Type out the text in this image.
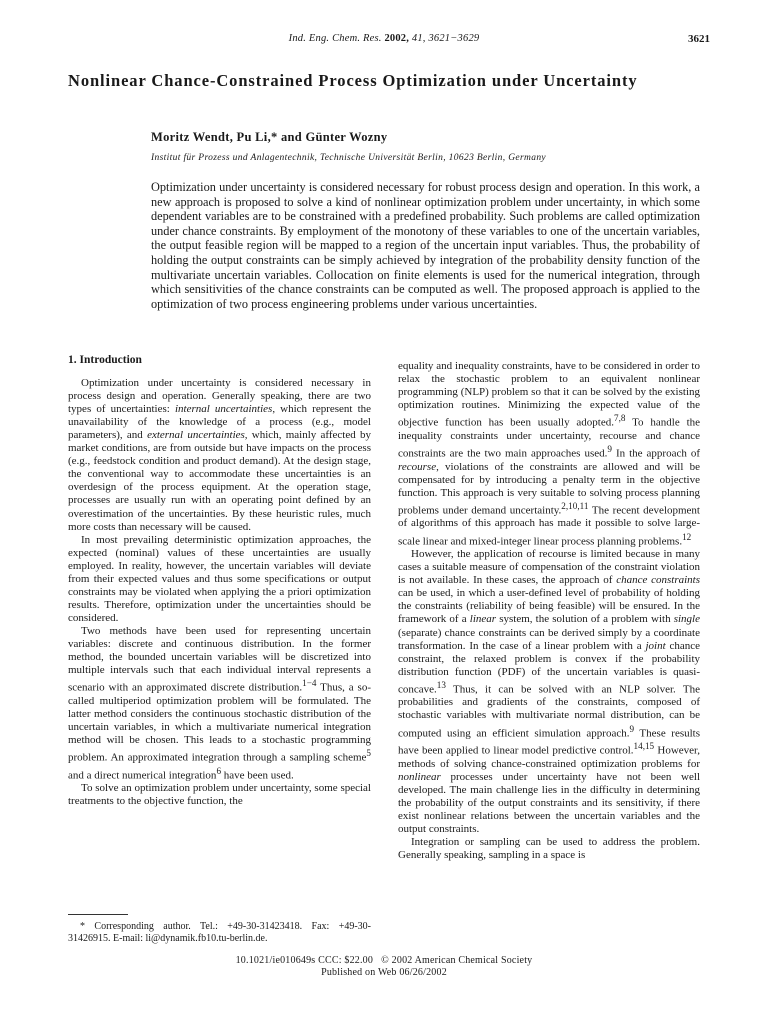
Ind. Eng. Chem. Res. 2002, 41, 3621−3629	3621
Nonlinear Chance-Constrained Process Optimization under Uncertainty
Moritz Wendt, Pu Li,* and Günter Wozny
Institut für Prozess und Anlagentechnik, Technische Universität Berlin, 10623 Berlin, Germany

Optimization under uncertainty is considered necessary for robust process design and operation. In this work, a new approach is proposed to solve a kind of nonlinear optimization problem under uncertainty, in which some dependent variables are to be constrained with a predefined probability. Such problems are called optimization under chance constraints. By employment of the monotony of these variables to one of the uncertain variables, the output feasible region will be mapped to a region of the uncertain input variables. Thus, the probability of holding the output constraints can be simply achieved by integration of the probability density function of the multivariate uncertain variables. Collocation on finite elements is used for the numerical integration, through which sensitivities of the chance constraints can be computed as well. The proposed approach is applied to the optimization of two process engineering problems under various uncertainties.

1. Introduction

Optimization under uncertainty is considered necessary in process design and operation. Generally speaking, there are two types of uncertainties: internal uncertainties, which represent the unavailability of the knowledge of a process (e.g., model parameters), and external uncertainties, which, mainly affected by market conditions, are from outside but have impacts on the process (e.g., feedstock condition and product demand). At the design stage, the conventional way to accommodate these uncertainties is an overdesign of the process equipment. At the operation stage, processes are usually run with an operating point defined by an overestimation of the uncertainties. By these heuristic rules, much more costs than necessary will be caused.

In most prevailing deterministic optimization approaches, the expected (nominal) values of these uncertainties are usually employed. In reality, however, the uncertain variables will deviate from their expected values and thus some specifications or output constraints may be violated when applying the a priori optimization results. Therefore, optimization under the uncertainties should be considered.

Two methods have been used for representing uncertain variables: discrete and continuous distribution. In the former method, the bounded uncertain variables will be discretized into multiple intervals such that each individual interval represents a scenario with an approximated discrete distribution.$^{1-4}$ Thus, a so-called multiperiod optimization problem will be formulated. The latter method considers the continuous stochastic distribution of the uncertain variables, in which a multivariate numerical integration method will be chosen. This leads to a stochastic programming problem. An approximated integration through a sampling scheme$^5$ and a direct numerical integration$^6$ have been used.

To solve an optimization problem under uncertainty, some special treatments to the objective function, the

equality and inequality constraints, have to be considered in order to relax the stochastic problem to an equivalent nonlinear programming (NLP) problem so that it can be solved by the existing optimization routines. Minimizing the expected value of the objective function has been usually adopted.$^{7,8}$ To handle the inequality constraints under uncertainty, recourse and chance constraints are the two main approaches used.$^9$ In the approach of recourse, violations of the constraints are allowed and will be compensated for by introducing a penalty term in the objective function. This approach is very suitable to solving process planning problems under demand uncertainty.$^{2,10,11}$ The recent development of algorithms of this approach has made it possible to solve large-scale linear and mixed-integer linear process planning problems.$^{12}$

However, the application of recourse is limited because in many cases a suitable measure of compensation of the constraint violation is not available. In these cases, the approach of chance constraints can be used, in which a user-defined level of probability of holding the constraints (reliability of being feasible) will be ensured. In the framework of a linear system, the solution of a problem with single (separate) chance constraints can be derived simply by a coordinate transformation. In the case of a linear problem with a joint chance constraint, the relaxed problem is convex if the probability distribution function (PDF) of the uncertain variables is quasi-concave.$^{13}$ Thus, it can be solved with an NLP solver. The probabilities and gradients of the constraints, composed of stochastic variables with multivariate normal distribution, can be computed using an efficient simulation approach.$^9$ These results have been applied to linear model predictive control.$^{14,15}$ However, methods of solving chance-constrained optimization problems for nonlinear processes under uncertainty have not been well developed. The main challenge lies in the difficulty in determining the probability of the output constraints and its sensitivity, if there exist nonlinear relations between the uncertain variables and the output constraints.

Integration or sampling can be used to address the problem. Generally speaking, sampling in a space is

* Corresponding author. Tel.: +49-30-31423418. Fax: +49-30-31426915. E-mail: li@dynamik.fb10.tu-berlin.de.

10.1021/ie010649s CCC: $22.00   © 2002 American Chemical Society
Published on Web 06/26/2002
